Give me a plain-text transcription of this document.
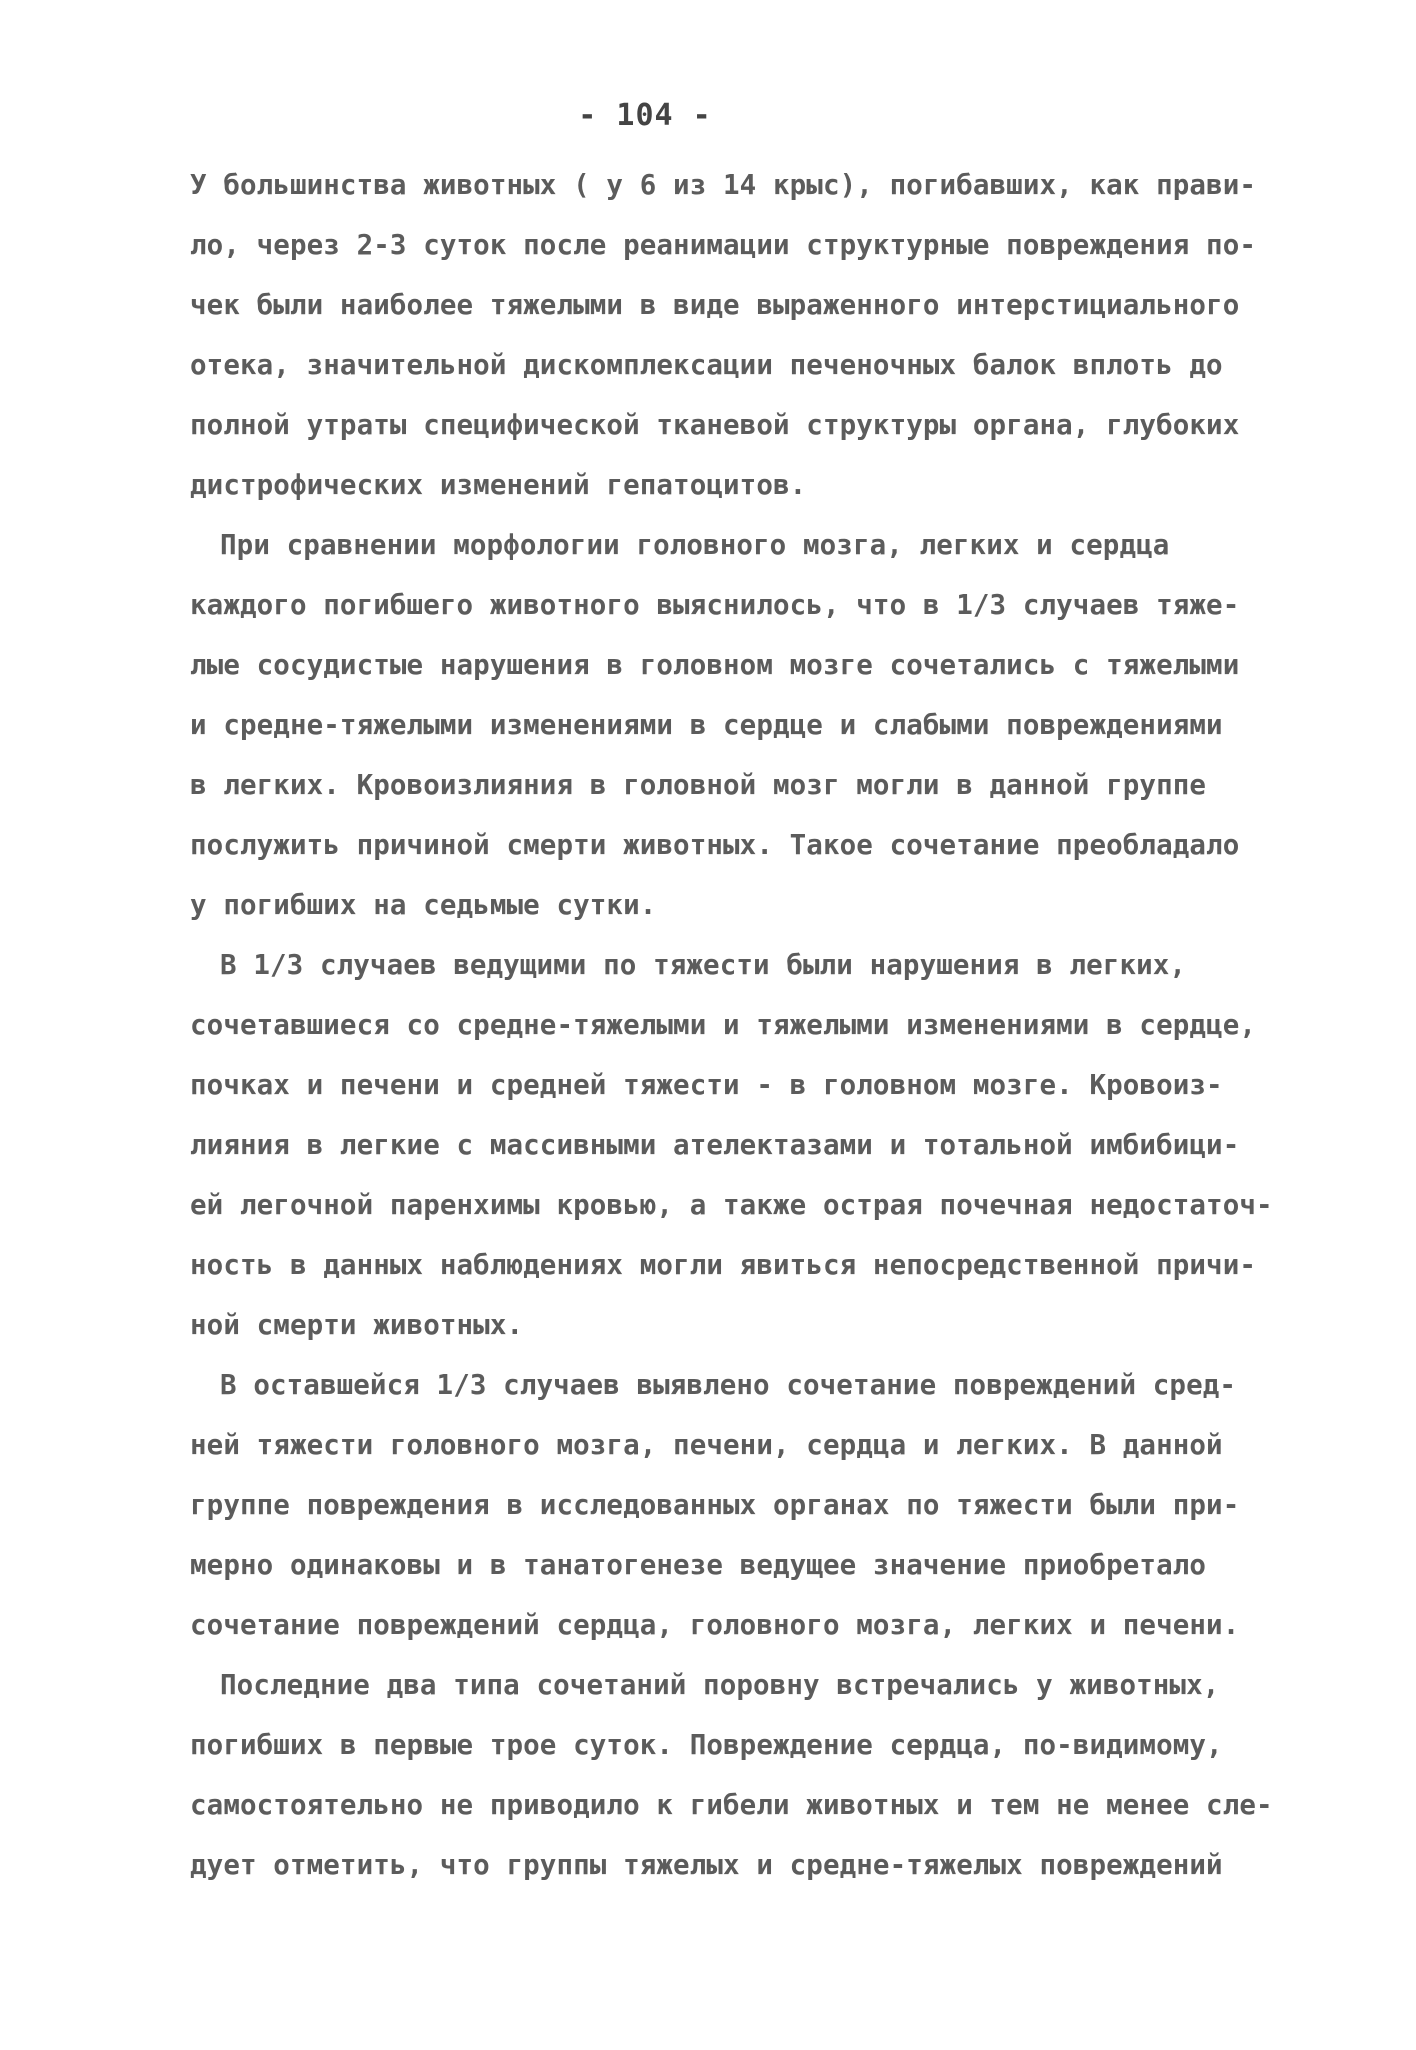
- 104 -
У большинства животных ( у 6 из 14 крыс), погибавших, как прави-
ло, через 2-3 суток после реанимации структурные повреждения по-
чек были наиболее тяжелыми в виде выраженного интерстициального
отека, значительной дискомплексации печеночных балок вплоть до
полной утраты специфической тканевой структуры органа, глубоких
дистрофических изменений гепатоцитов.
При сравнении морфологии головного мозга, легких и сердца
каждого погибшего животного выяснилось, что в 1/3 случаев тяже-
лые сосудистые нарушения в головном мозге сочетались с тяжелыми
и средне-тяжелыми изменениями в сердце и слабыми повреждениями
в легких. Кровоизлияния в головной мозг могли в данной группе
послужить причиной смерти животных. Такое сочетание преобладало
у погибших на седьмые сутки.
В 1/3 случаев ведущими по тяжести были нарушения в легких,
сочетавшиеся со средне-тяжелыми и тяжелыми изменениями в сердце,
почках и печени и средней тяжести - в головном мозге. Кровоиз-
лияния в легкие с массивными ателектазами и тотальной имбибици-
ей легочной паренхимы кровью, а также острая почечная недостаточ-
ность в данных наблюдениях могли явиться непосредственной причи-
ной смерти животных.
В оставшейся 1/3 случаев выявлено сочетание повреждений сред-
ней тяжести головного мозга, печени, сердца и легких. В данной
группе повреждения в исследованных органах по тяжести были при-
мерно одинаковы и в танатогенезе ведущее значение приобретало
сочетание повреждений сердца, головного мозга, легких и печени.
Последние два типа сочетаний поровну встречались у животных,
погибших в первые трое суток. Повреждение сердца, по-видимому,
самостоятельно не приводило к гибели животных и тем не менее сле-
дует отметить, что группы тяжелых и средне-тяжелых повреждений
